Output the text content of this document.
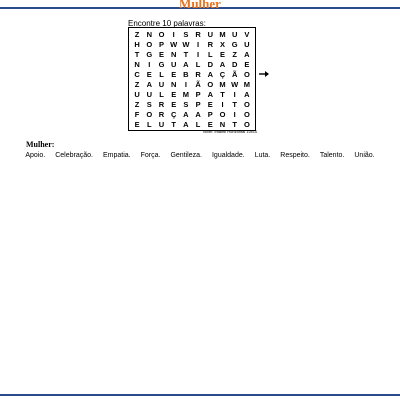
Mulher
Encontre 10 palavras:
Z N O	I	S R U M U V
H O P W W	I	R X G U
T G E N T	I	L E Z A
N	I	G U A L D A D E
C E L E B R A Ç Ã O
Z A U N	I	Ã O M W M
U U L E M P A T	I	A
Z S R E S P E	I	T O
F O R Ç A A P O	I	O
E L U T A L E N T O
Nível: Infantil Horizontal 10x10
Mulher:
Apoio. Celebração. Empatia. Força. Gentileza. Igualdade. Luta. Respeito. Talento. União.
